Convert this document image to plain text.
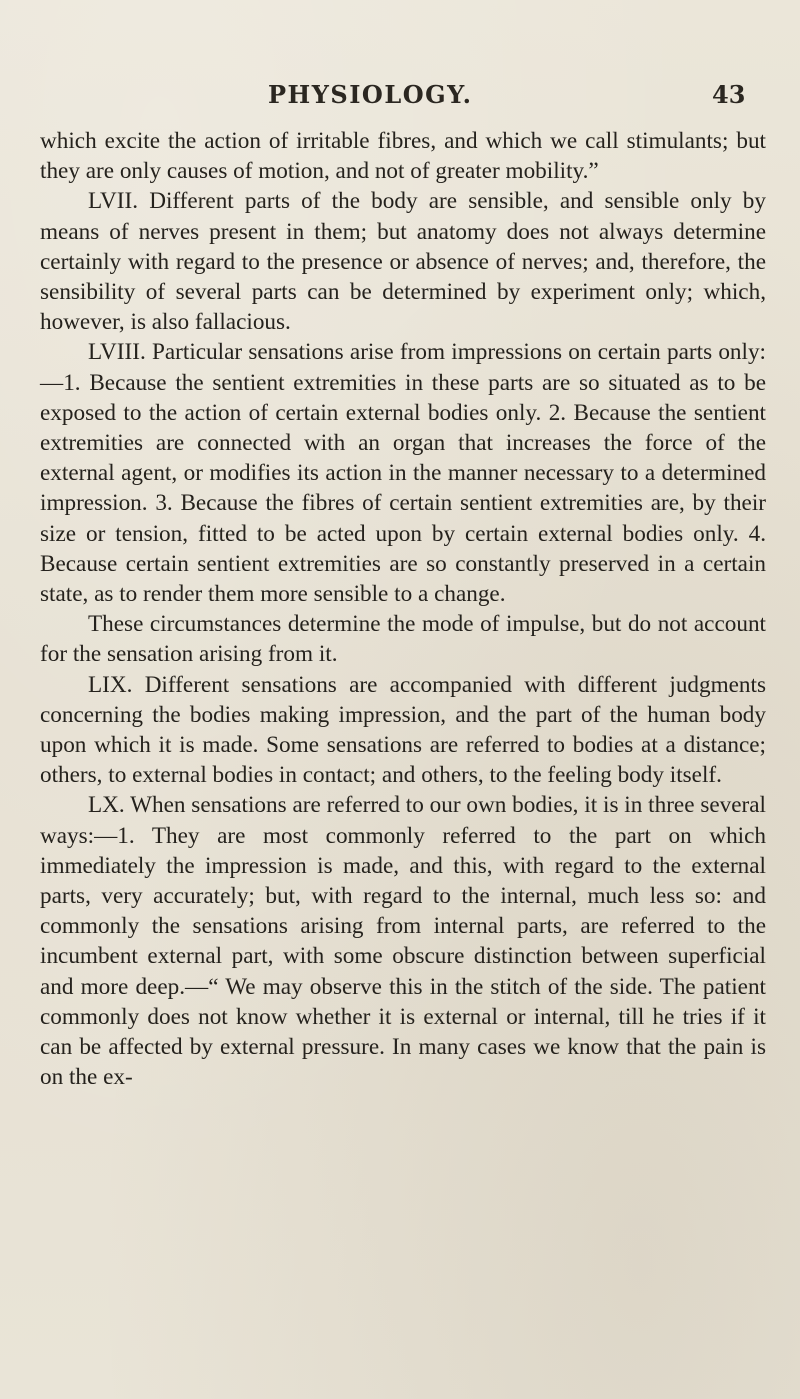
PHYSIOLOGY.	43

which excite the action of irritable fibres, and which we call stimulants; but they are only causes of motion, and not of greater mobility.”

LVII. Different parts of the body are sensible, and sensible only by means of nerves present in them; but anatomy does not always determine certainly with regard to the presence or absence of nerves; and, therefore, the sensibility of several parts can be determined by experiment only; which, however, is also fallacious.

LVIII. Particular sensations arise from impressions on certain parts only:—1. Because the sentient extremities in these parts are so situated as to be exposed to the action of certain external bodies only. 2. Because the sentient extremities are connected with an organ that increases the force of the external agent, or modifies its action in the manner necessary to a determined impression. 3. Because the fibres of certain sentient extremities are, by their size or tension, fitted to be acted upon by certain external bodies only. 4. Because certain sentient extremities are so constantly preserved in a certain state, as to render them more sensible to a change.

These circumstances determine the mode of impulse, but do not account for the sensation arising from it.

LIX. Different sensations are accompanied with different judgments concerning the bodies making impression, and the part of the human body upon which it is made. Some sensations are referred to bodies at a distance; others, to external bodies in contact; and others, to the feeling body itself.

LX. When sensations are referred to our own bodies, it is in three several ways:—1. They are most commonly referred to the part on which immediately the impression is made, and this, with regard to the external parts, very accurately; but, with regard to the internal, much less so: and commonly the sensations arising from internal parts, are referred to the incumbent external part, with some obscure distinction between superficial and more deep.—“ We may observe this in the stitch of the side. The patient commonly does not know whether it is external or internal, till he tries if it can be affected by external pressure. In many cases we know that the pain is on the ex-
